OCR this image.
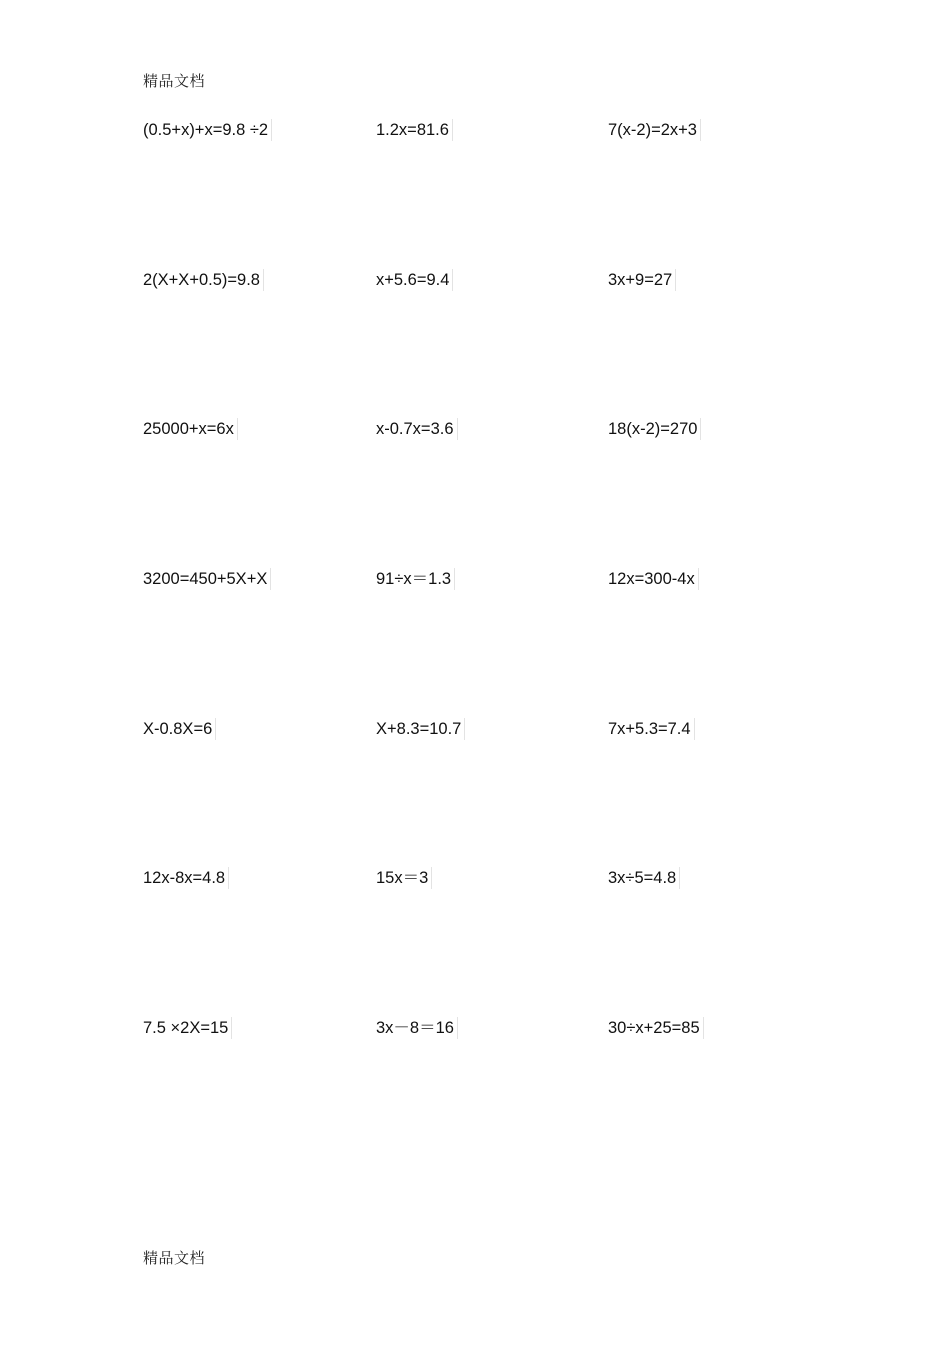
精品文档
(0.5+x)+x=9.8 ÷2	1.2x=81.6	7(x-2)=2x+3
2(X+X+0.5)=9.8	x+5.6=9.4	3x+9=27
25000+x=6x	x-0.7x=3.6	18(x-2)=270
3200=450+5X+X	91÷x＝1.3	12x=300-4x
X-0.8X=6	X+8.3=10.7	7x+5.3=7.4
12x-8x=4.8	15x＝3	3x÷5=4.8
7.5 ×2X=15	3x－8＝16	30÷x+25=85
精品文档
